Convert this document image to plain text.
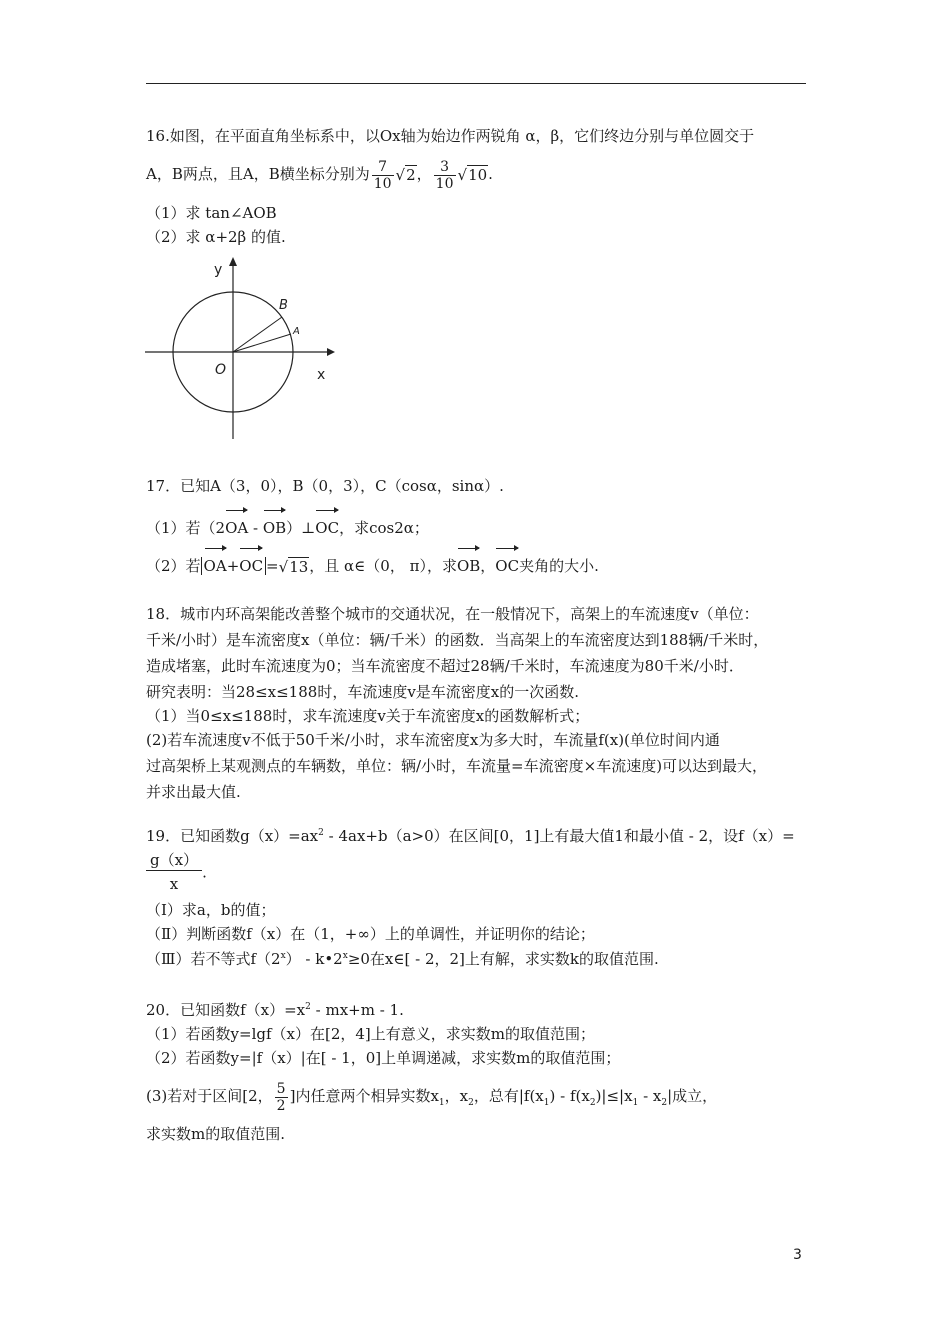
16.如图，在平面直角坐标系中，以Ox轴为始边作两锐角 α，β，它们终边分别与单位圆交于
A，B两点，且A，B横坐标分别为 $\frac{7}{10} √2$， $\frac{3}{10} √10$.
（1）求 tan∠AOB
（2）求 α+2β 的值.
y
x
O
B
A
17．已知A（3，0），B（0，3），C（cosα，sinα）.
（1）若（2OA - OB）⊥OC，求cos2α；
（2）若 OA+OC =√13，且 α∈（0， π），求OB，OC夹角的大小.
18．城市内环高架能改善整个城市的交通状况，在一般情况下，高架上的车流速度v（单位：
千米/小时）是车流密度x（单位：辆/千米）的函数．当高架上的车流密度达到188辆/千米时，
造成堵塞，此时车流速度为0；当车流密度不超过28辆/千米时，车流速度为80千米/小时．
研究表明：当28≤x≤188时，车流速度v是车流密度x的一次函数.
（1）当0≤x≤188时，求车流速度v关于车流密度x的函数解析式；
(2)若车流速度v不低于50千米/小时，求车流密度x为多大时，车流量f(x)(单位时间内通
过高架桥上某观测点的车辆数，单位：辆/小时，车流量=车流密度×车流速度)可以达到最大，
并求出最大值.
19．已知函数$g(x)=ax^2 - 4ax+b(a>0)$在区间[0，1]上有最大值1和最小值 - 2，设f（x）=
$\frac{g(x)}{x}$ .
（Ⅰ）求a，b的值；
（Ⅱ）判断函数f（x）在（1，+∞）上的单调性，并证明你的结论；
（Ⅲ）若不等式$f(2^x) - k•2^x\ge 0$在x∈[ - 2，2]上有解，求实数k的取值范围.
20．已知函数$f(x)=x^2 - mx+m - 1$.
（1）若函数y=lgf（x）在[2，4]上有意义，求实数m的取值范围；
（2）若函数y=|f（x）|在[ - 1，0]上单调递减，求实数m的取值范围；
(3)若对于区间[2， $\frac{5}{2}$ ]内任意两个相异实数$x_1$，$x_2$，总有$|f(x_1) - f(x_2)|\le|x_1 - x_2|$成立，
求实数m的取值范围.
3
